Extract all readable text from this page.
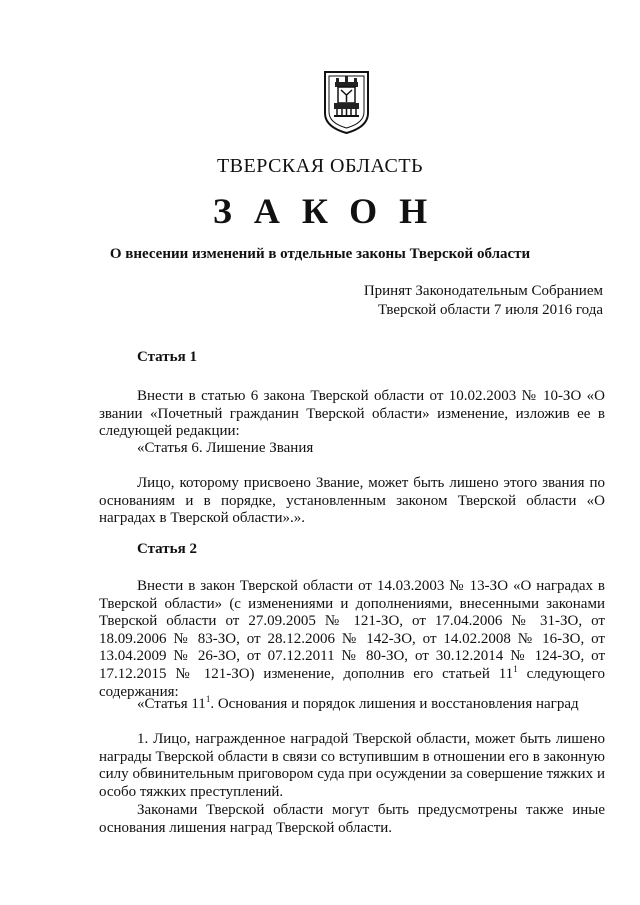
ТВЕРСКАЯ ОБЛАСТЬ
ЗАКОН
О внесении изменений в отдельные законы Тверской области
Принят Законодательным Собранием
Тверской области 7 июля 2016 года
Статья 1

Внести в статью 6 закона Тверской области от 10.02.2003 № 10-ЗО «О звании «Почетный гражданин Тверской области» изменение, изложив ее в следующей редакции:

«Статья 6. Лишение Звания

Лицо, которому присвоено Звание, может быть лишено этого звания по основаниям и в порядке, установленным законом Тверской области «О наградах в Тверской области».».

Статья 2

Внести в закон Тверской области от 14.03.2003 № 13-ЗО «О наградах в Тверской области» (с изменениями и дополнениями, внесенными законами Тверской области от 27.09.2005 № 121-ЗО, от 17.04.2006 № 31-ЗО, от 18.09.2006 № 83-ЗО, от 28.12.2006 № 142-ЗО, от 14.02.2008 № 16-ЗО, от 13.04.2009 № 26-ЗО, от 07.12.2011 № 80-ЗО, от 30.12.2014 № 124-ЗО, от 17.12.2015 № 121-ЗО) изменение, дополнив его статьей $11^1$ следующего содержания:

«Статья $11^1$. Основания и порядок лишения и восстановления наград

1. Лицо, награжденное наградой Тверской области, может быть лишено награды Тверской области в связи со вступившим в отношении его в законную силу обвинительным приговором суда при осуждении за совершение тяжких и особо тяжких преступлений.

Законами Тверской области могут быть предусмотрены также иные основания лишения наград Тверской области.
